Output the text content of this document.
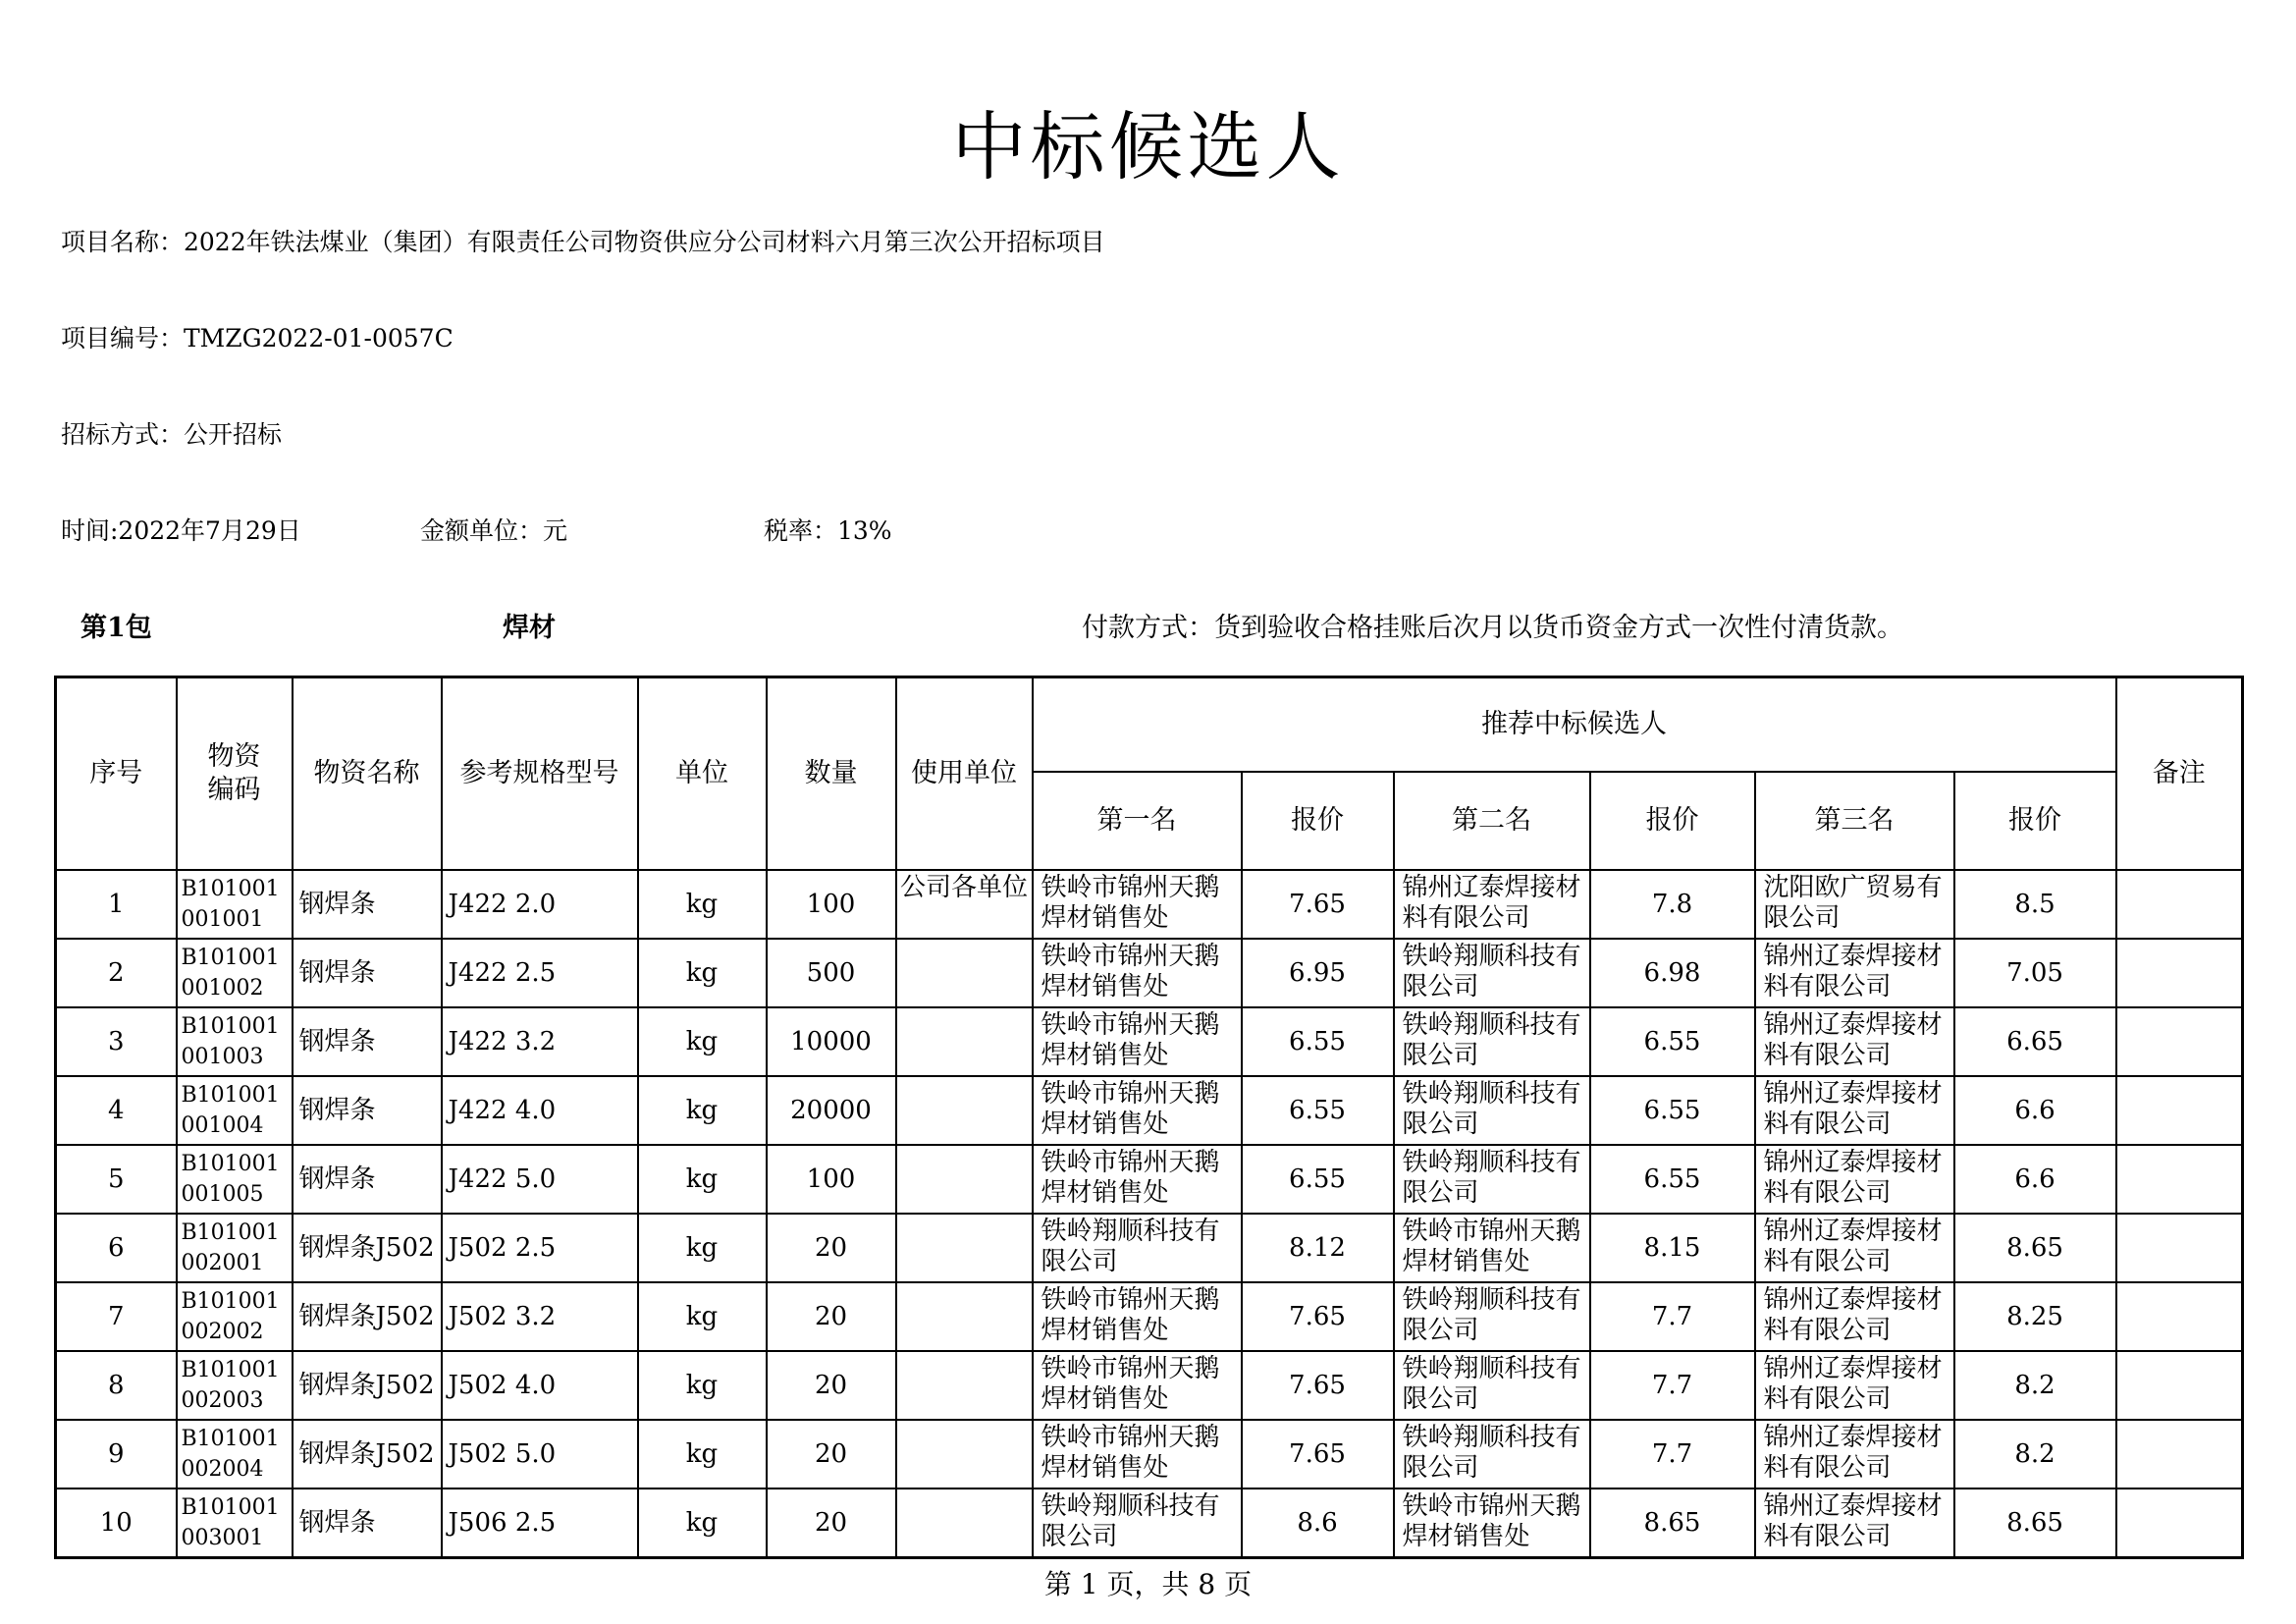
中标候选人
项目名称：2022年铁法煤业（集团）有限责任公司物资供应分公司材料六月第三次公开招标项目
项目编号：TMZG2022-01-0057C
招标方式：公开招标
时间:2022年7月29日	金额单位：元	税率：13%
第1包	焊材	付款方式：货到验收合格挂账后次月以货币资金方式一次性付清货款。
序号	物资编码	物资名称	参考规格型号	单位	数量	使用单位	推荐中标候选人						备注
							第一名	报价	第二名	报价	第三名	报价	
1	B101001001001	钢焊条	J422 2.0	kg	100	公司各单位	铁岭市锦州天鹅焊材销售处	7.65	锦州辽泰焊接材料有限公司	7.8	沈阳欧广贸易有限公司	8.5	
2	B101001001002	钢焊条	J422 2.5	kg	500		铁岭市锦州天鹅焊材销售处	6.95	铁岭翔顺科技有限公司	6.98	锦州辽泰焊接材料有限公司	7.05	
3	B101001001003	钢焊条	J422 3.2	kg	10000		铁岭市锦州天鹅焊材销售处	6.55	铁岭翔顺科技有限公司	6.55	锦州辽泰焊接材料有限公司	6.65	
4	B101001001004	钢焊条	J422 4.0	kg	20000		铁岭市锦州天鹅焊材销售处	6.55	铁岭翔顺科技有限公司	6.55	锦州辽泰焊接材料有限公司	6.6	
5	B101001001005	钢焊条	J422 5.0	kg	100		铁岭市锦州天鹅焊材销售处	6.55	铁岭翔顺科技有限公司	6.55	锦州辽泰焊接材料有限公司	6.6	
6	B101001002001	钢焊条J502	J502 2.5	kg	20		铁岭翔顺科技有限公司	8.12	铁岭市锦州天鹅焊材销售处	8.15	锦州辽泰焊接材料有限公司	8.65	
7	B101001002002	钢焊条J502	J502 3.2	kg	20		铁岭市锦州天鹅焊材销售处	7.65	铁岭翔顺科技有限公司	7.7	锦州辽泰焊接材料有限公司	8.25	
8	B101001002003	钢焊条J502	J502 4.0	kg	20		铁岭市锦州天鹅焊材销售处	7.65	铁岭翔顺科技有限公司	7.7	锦州辽泰焊接材料有限公司	8.2	
9	B101001002004	钢焊条J502	J502 5.0	kg	20		铁岭市锦州天鹅焊材销售处	7.65	铁岭翔顺科技有限公司	7.7	锦州辽泰焊接材料有限公司	8.2	
10	B101001003001	钢焊条	J506 2.5	kg	20		铁岭翔顺科技有限公司	8.6	铁岭市锦州天鹅焊材销售处	8.65	锦州辽泰焊接材料有限公司	8.65	
第 1 页，共 8 页
